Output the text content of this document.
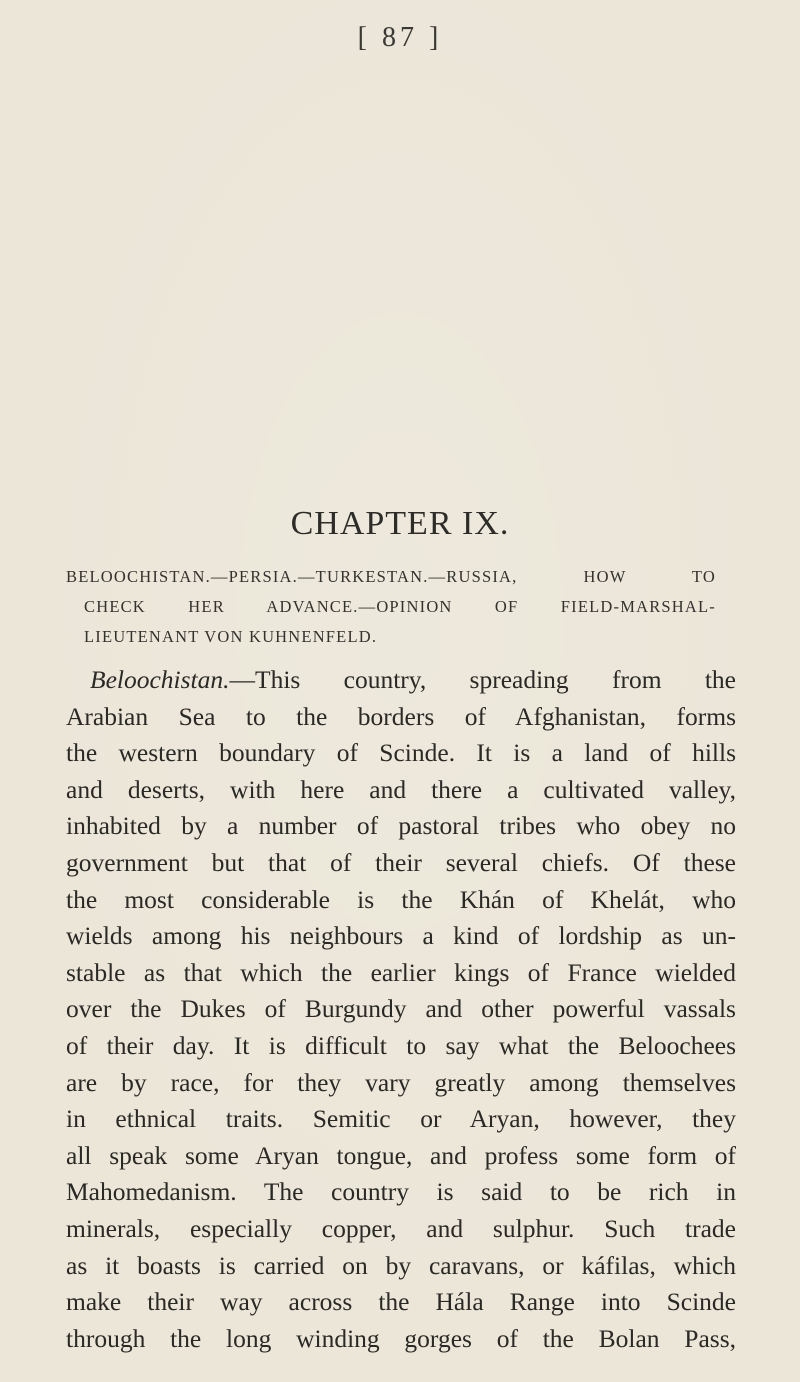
[ 87 ]
CHAPTER IX.
BELOOCHISTAN.—PERSIA.—TURKESTAN.—RUSSIA, HOW TO
CHECK HER ADVANCE.—OPINION OF FIELD-MARSHAL-
LIEUTENANT VON KUHNENFELD.
Beloochistan.—This country, spreading from the
Arabian Sea to the borders of Afghanistan, forms
the western boundary of Scinde. It is a land of hills
and deserts, with here and there a cultivated valley,
inhabited by a number of pastoral tribes who obey no
government but that of their several chiefs. Of these
the most considerable is the Khán of Khelát, who
wields among his neighbours a kind of lordship as un-
stable as that which the earlier kings of France wielded
over the Dukes of Burgundy and other powerful vassals
of their day. It is difficult to say what the Beloochees
are by race, for they vary greatly among themselves
in ethnical traits. Semitic or Aryan, however, they
all speak some Aryan tongue, and profess some form of
Mahomedanism. The country is said to be rich in
minerals, especially copper, and sulphur. Such trade
as it boasts is carried on by caravans, or káfilas, which
make their way across the Hála Range into Scinde
through the long winding gorges of the Bolan Pass,
